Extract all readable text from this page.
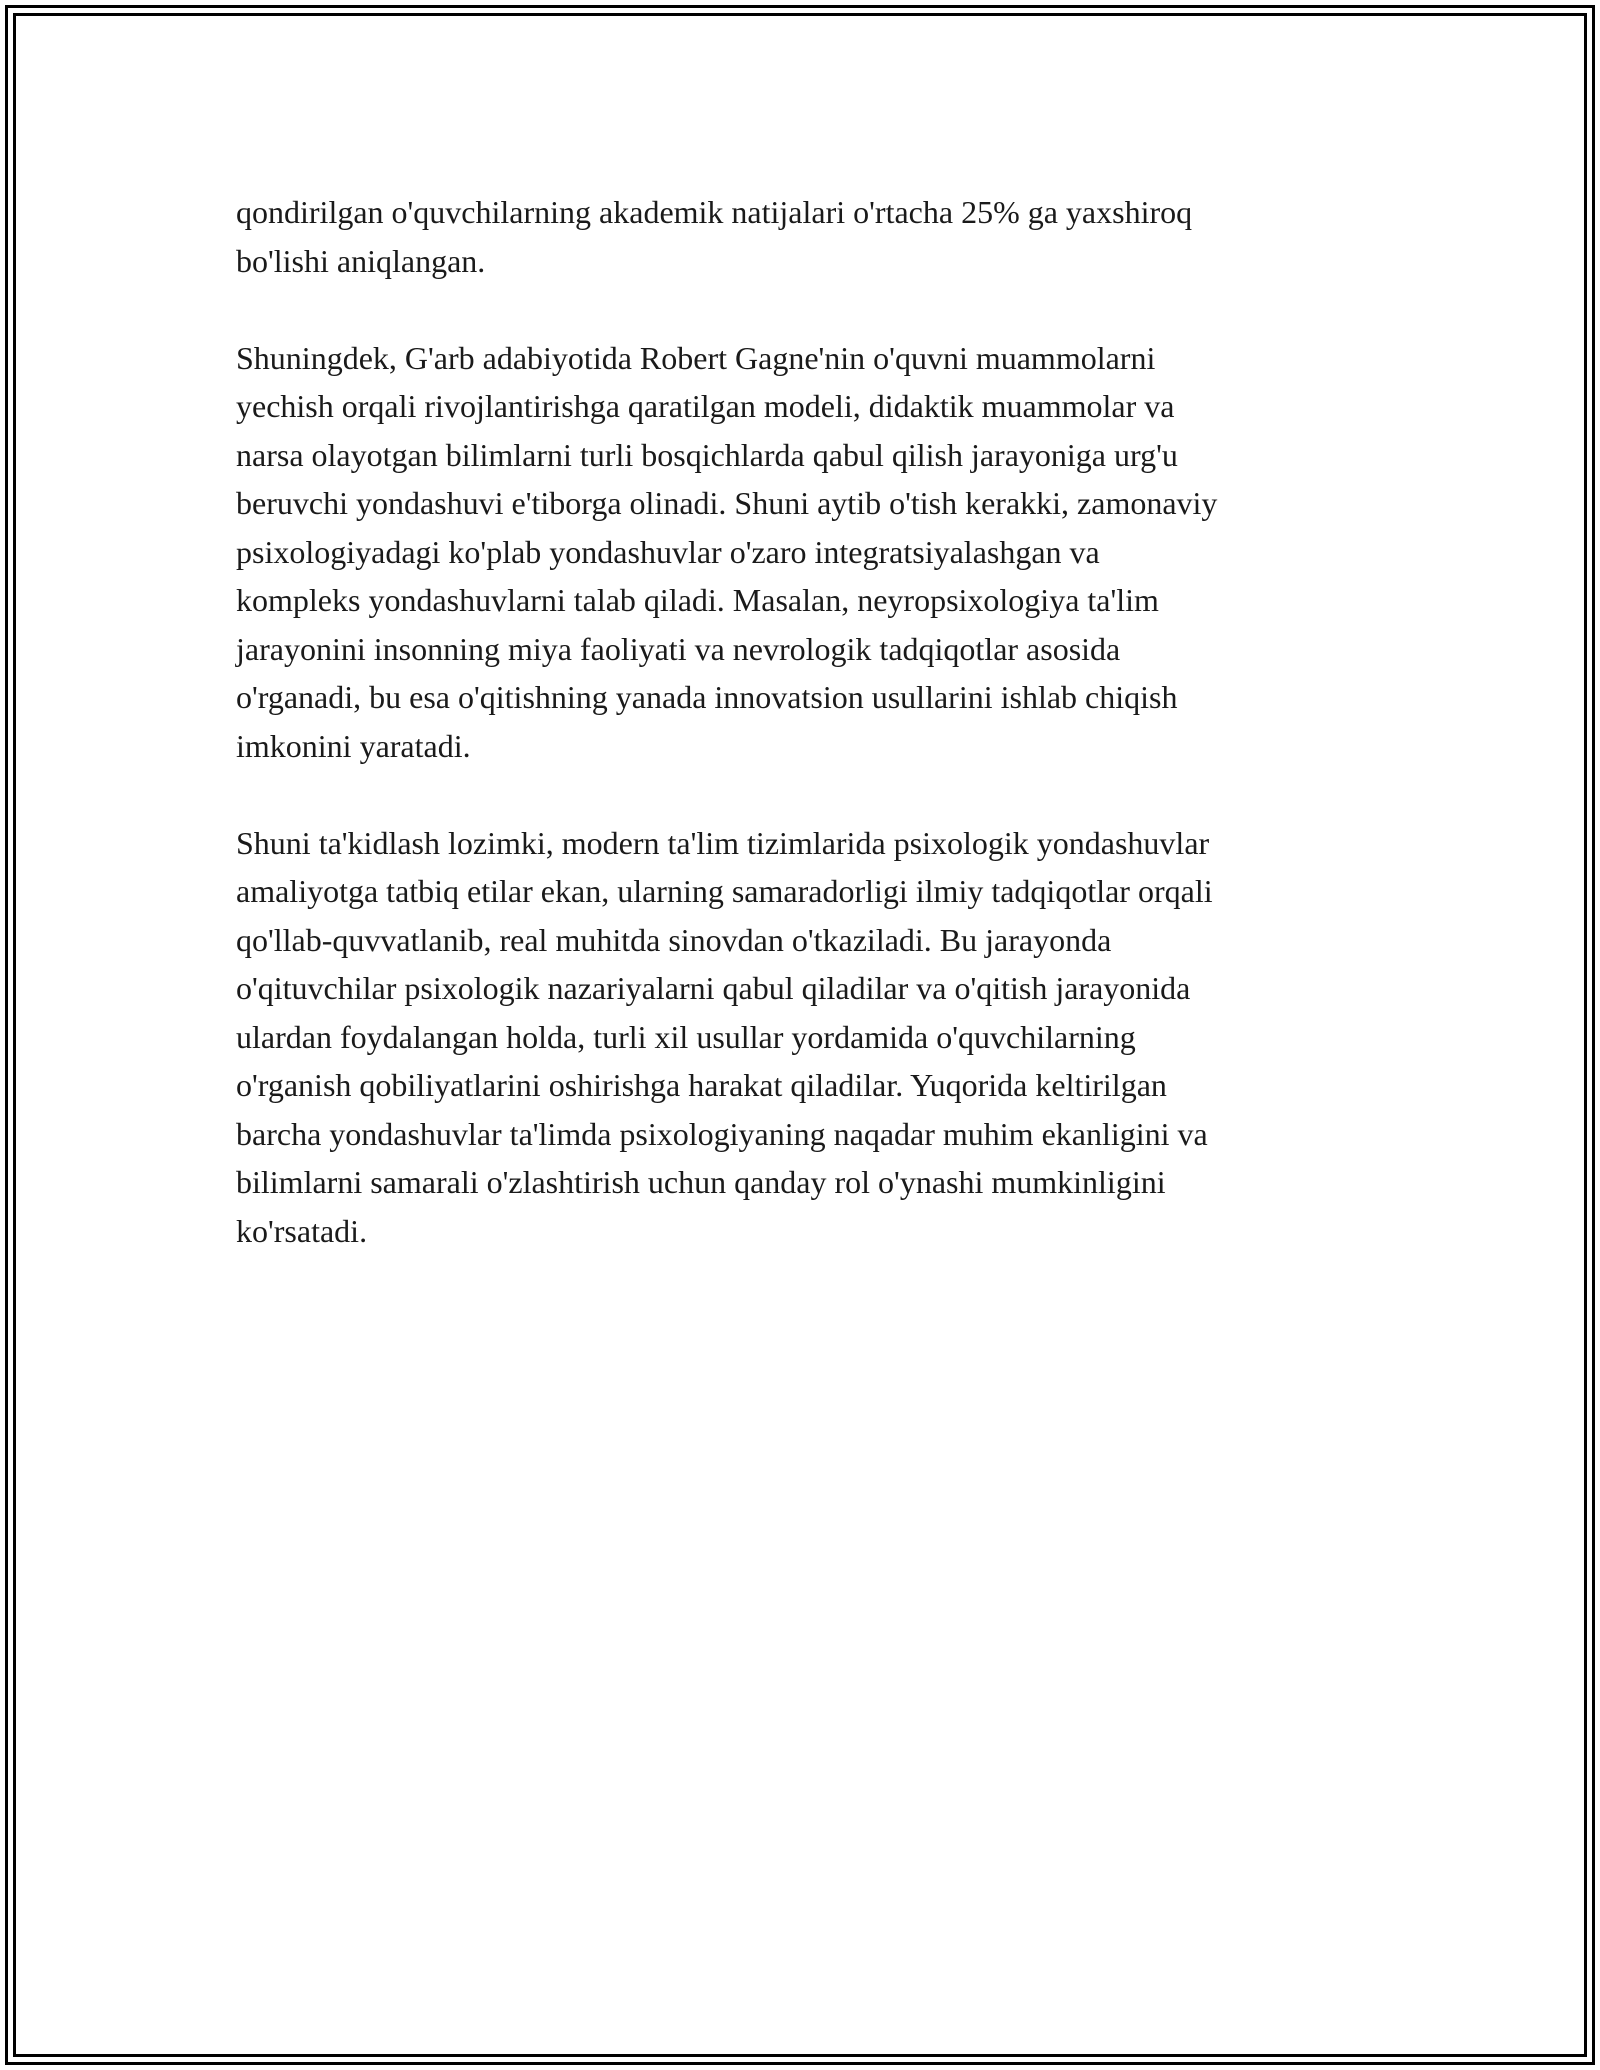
qondirilgan o'quvchilarning akademik natijalari o'rtacha 25% ga yaxshiroq
bo'lishi aniqlangan.

Shuningdek, G'arb adabiyotida Robert Gagne'nin o'quvni muammolarni
yechish orqali rivojlantirishga qaratilgan modeli, didaktik muammolar va
narsa olayotgan bilimlarni turli bosqichlarda qabul qilish jarayoniga urg'u
beruvchi yondashuvi e'tiborga olinadi. Shuni aytib o'tish kerakki, zamonaviy
psixologiyadagi ko'plab yondashuvlar o'zaro integratsiyalashgan va
kompleks yondashuvlarni talab qiladi. Masalan, neyropsixologiya ta'lim
jarayonini insonning miya faoliyati va nevrologik tadqiqotlar asosida
o'rganadi, bu esa o'qitishning yanada innovatsion usullarini ishlab chiqish
imkonini yaratadi.

Shuni ta'kidlash lozimki, modern ta'lim tizimlarida psixologik yondashuvlar
amaliyotga tatbiq etilar ekan, ularning samaradorligi ilmiy tadqiqotlar orqali
qo'llab-quvvatlanib, real muhitda sinovdan o'tkaziladi. Bu jarayonda
o'qituvchilar psixologik nazariyalarni qabul qiladilar va o'qitish jarayonida
ulardan foydalangan holda, turli xil usullar yordamida o'quvchilarning
o'rganish qobiliyatlarini oshirishga harakat qiladilar. Yuqorida keltirilgan
barcha yondashuvlar ta'limda psixologiyaning naqadar muhim ekanligini va
bilimlarni samarali o'zlashtirish uchun qanday rol o'ynashi mumkinligini
ko'rsatadi.
